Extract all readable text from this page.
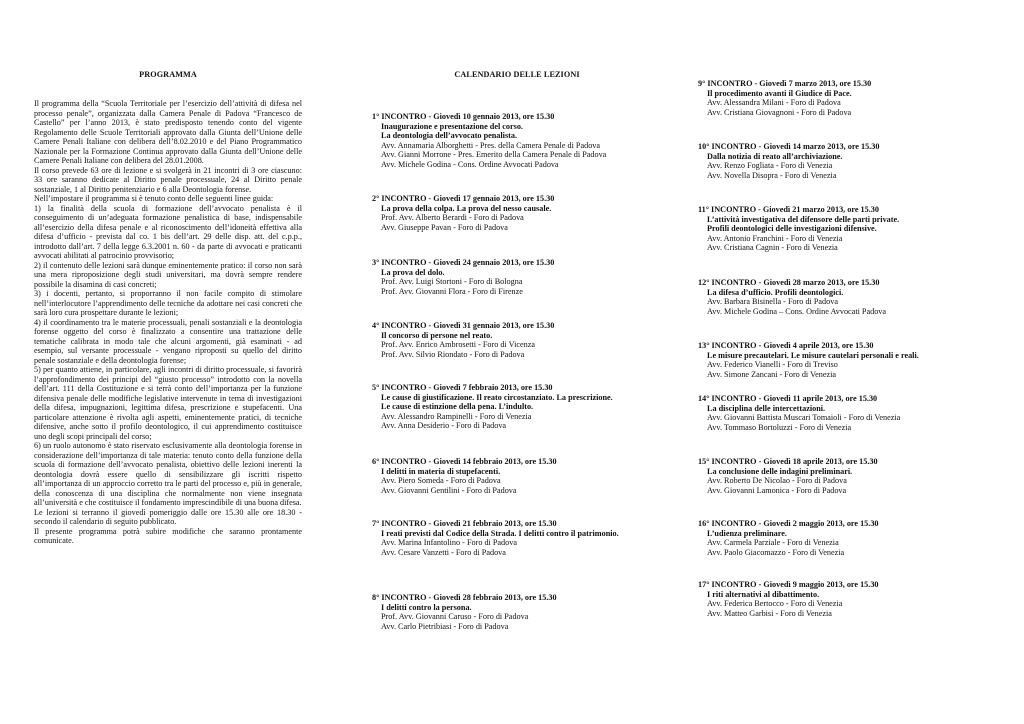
PROGRAMMA

Il programma della “Scuola Territoriale per l’esercizio dell’attività di difesa nel processo penale”, organizzata dalla Camera Penale di Padova “Francesco de Castello” per l’anno 2013, è stato predisposto tenendo conto del vigente Regolamento delle Scuole Territoriali approvato dalla Giunta dell’Unione delle Camere Penali Italiane con delibera dell’8.02.2010 e del Piano Programmatico Nazionale per la Formazione Continua approvato dalla Giunta dell’Unione delle Camere Penali Italiane con delibera del 28.01.2008.

Il corso prevede 63 ore di lezione e si svolgerà in 21 incontri di 3 ore ciascuno: 33 ore saranno dedicate al Diritto penale processuale, 24 al Diritto penale sostanziale, 1 al Diritto penitenziario e 6 alla Deontologia forense.

Nell’impostare il programma si è tenuto conto delle seguenti linee guida:

1) la finalità della scuola di formazione dell’avvocato penalista è il conseguimento di un’adeguata formazione penalistica di base, indispensabile all’esercizio della difesa penale e al riconoscimento dell’idoneità effettiva alla difesa d’ufficio - prevista dal co. 1 bis dell’art. 29 delle disp. att. del c.p.p., introdotto dall’art. 7 della legge 6.3.2001 n. 60 - da parte di avvocati e praticanti avvocati abilitati al patrocinio provvisorio;

2) il contenuto delle lezioni sarà dunque eminentemente pratico: il corso non sarà una mera riproposizione degli studi universitari, ma dovrà sempre rendere possibile la disamina di casi concreti;

3) i docenti, pertanto, si proporranno il non facile compito di stimolare nell’interlocutore l’apprendimento delle tecniche da adottare nei casi concreti che sarà loro cura prospettare durante le lezioni;

4) il coordinamento tra le materie processuali, penali sostanziali e la deontologia forense oggetto del corso è finalizzato a consentire una trattazione delle tematiche calibrata in modo tale che alcuni argomenti, già esaminati - ad esempio, sul versante processuale - vengano riproposti su quello del diritto penale sostanziale e della deontologia forense;

5) per quanto attiene, in particolare, agli incontri di diritto processuale, si favorirà l’approfondimento dei principi del “giusto processo” introdotto con la novella dell’art. 111 della Costituzione e si terrà conto dell’importanza per la funzione difensiva penale delle modifiche legislative intervenute in tema di investigazioni della difesa, impugnazioni, legittima difesa, prescrizione e stupefacenti. Una particolare attenzione è rivolta agli aspetti, eminentemente pratici, di tecniche difensive, anche sotto il profilo deontologico, il cui apprendimento costituisce uno degli scopi principali del corso;

6) un ruolo autonomo è stato riservato esclusivamente alla deontologia forense in considerazione dell’importanza di tale materia: tenuto conto della funzione della scuola di formazione dell’avvocato penalista, obiettivo delle lezioni inerenti la deontologia dovrà essere quello di sensibilizzare gli iscritti rispetto all’importanza di un approccio corretto tra le parti del processo e, più in generale, della conoscenza di una disciplina che normalmente non viene insegnata all’università e che costituisce il fondamento imprescindibile di una buona difesa.

Le lezioni si terranno il giovedì pomeriggio dalle ore 15.30 alle ore 18.30 - secondo il calendario di seguito pubblicato.

Il presente programma potrà subire modifiche che saranno prontamente comunicate.

CALENDARIO DELLE LEZIONI
1° INCONTRO - Giovedì 10 gennaio 2013, ore 15.30
Inaugurazione e presentazione del corso.
La deontologia dell’avvocato penalista.
Avv. Annamaria Alborghetti - Pres. della Camera Penale di Padova
Avv. Gianni Morrone - Pres. Emerito della Camera Penale di Padova
Avv. Michele Godina - Cons. Ordine Avvocati Padova
2° INCONTRO - Giovedì 17 gennaio 2013, ore 15.30
La prova della colpa. La prova del nesso causale.
Prof. Avv. Alberto Berardi - Foro di Padova
Avv. Giuseppe Pavan - Foro di Padova
3° INCONTRO - Giovedì 24 gennaio 2013, ore 15.30
La prova del dolo.
Prof. Avv. Luigi Stortoni - Foro di Bologna
Prof. Avv. Giovanni Flora - Foro di Firenze
4° INCONTRO - Giovedì 31 gennaio 2013, ore 15.30
Il concorso di persone nel reato.
Prof. Avv. Enrico Ambrosetti - Foro di Vicenza
Prof. Avv. Silvio Riondato - Foro di Padova
5° INCONTRO - Giovedì 7 febbraio 2013, ore 15.30
Le cause di giustificazione. Il reato circostanziato. La prescrizione.
Le cause di estinzione della pena. L’indulto.
Avv. Alessandro Rampinelli - Foro di Venezia
Avv. Anna Desiderio - Foro di Padova
6° INCONTRO - Giovedì 14 febbraio 2013, ore 15.30
I delitti in materia di stupefacenti.
Avv. Piero Someda - Foro di Padova
Avv. Giovanni Gentilini - Foro di Padova
7° INCONTRO - Giovedì 21 febbraio 2013, ore 15.30
I reati previsti dal Codice della Strada. I delitti contro il patrimonio.
Avv. Marina Infantolino - Foro di Padova
Avv. Cesare Vanzetti - Foro di Padova
8° INCONTRO - Giovedì 28 febbraio 2013, ore 15.30
I delitti contro la persona.
Prof. Avv. Giovanni Caruso - Foro di Padova
Avv. Carlo Pietribiasi - Foro di Padova
9° INCONTRO - Giovedì 7 marzo 2013, ore 15.30
Il procedimento avanti il Giudice di Pace.
Avv. Alessandra Milani - Foro di Padova
Avv. Cristiana Giovagnoni - Foro di Padova
10° INCONTRO - Giovedì 14 marzo 2013, ore 15.30
Dalla notizia di reato all’archiviazione.
Avv. Renzo Fogliata - Foro di Venezia
Avv. Novella Disopra - Foro di Venezia
11° INCONTRO - Giovedì 21 marzo 2013, ore 15.30
L’attività investigativa del difensore delle parti private.
Profili deontologici delle investigazioni difensive.
Avv. Antonio Franchini - Foro di Venezia
Avv. Cristiana Cagnin - Foro di Venezia
12° INCONTRO - Giovedì 28 marzo 2013, ore 15.30
La difesa d’ufficio. Profili deontologici.
Avv. Barbara Bisinella - Foro di Padova
Avv. Michele Godina – Cons. Ordine Avvocati Padova
13° INCONTRO - Giovedì 4 aprile 2013, ore 15.30
Le misure precautelari. Le misure cautelari personali e reali.
Avv. Federico Vianelli - Foro di Treviso
Avv. Simone Zancani - Foro di Venezia
14° INCONTRO - Giovedì 11 aprile 2013, ore 15.30
La disciplina delle intercettazioni.
Avv. Giovanni Battista Muscari Tomaioli - Foro di Venezia
Avv. Tommaso Bortoluzzi - Foro di Venezia
15° INCONTRO - Giovedì 18 aprile 2013, ore 15.30
La conclusione delle indagini preliminari.
Avv. Roberto De Nicolao - Foro di Padova
Avv. Giovanni Lamonica - Foro di Padova
16° INCONTRO - Giovedì 2 maggio 2013, ore 15.30
L’udienza preliminare.
Avv. Carmela Parziale - Foro di Venezia
Avv. Paolo Giacomazzo - Foro di Venezia
17° INCONTRO - Giovedì 9 maggio 2013, ore 15.30
I riti alternativi al dibattimento.
Avv. Federica Bertocco - Foro di Venezia
Avv. Matteo Garbisi - Foro di Venezia
